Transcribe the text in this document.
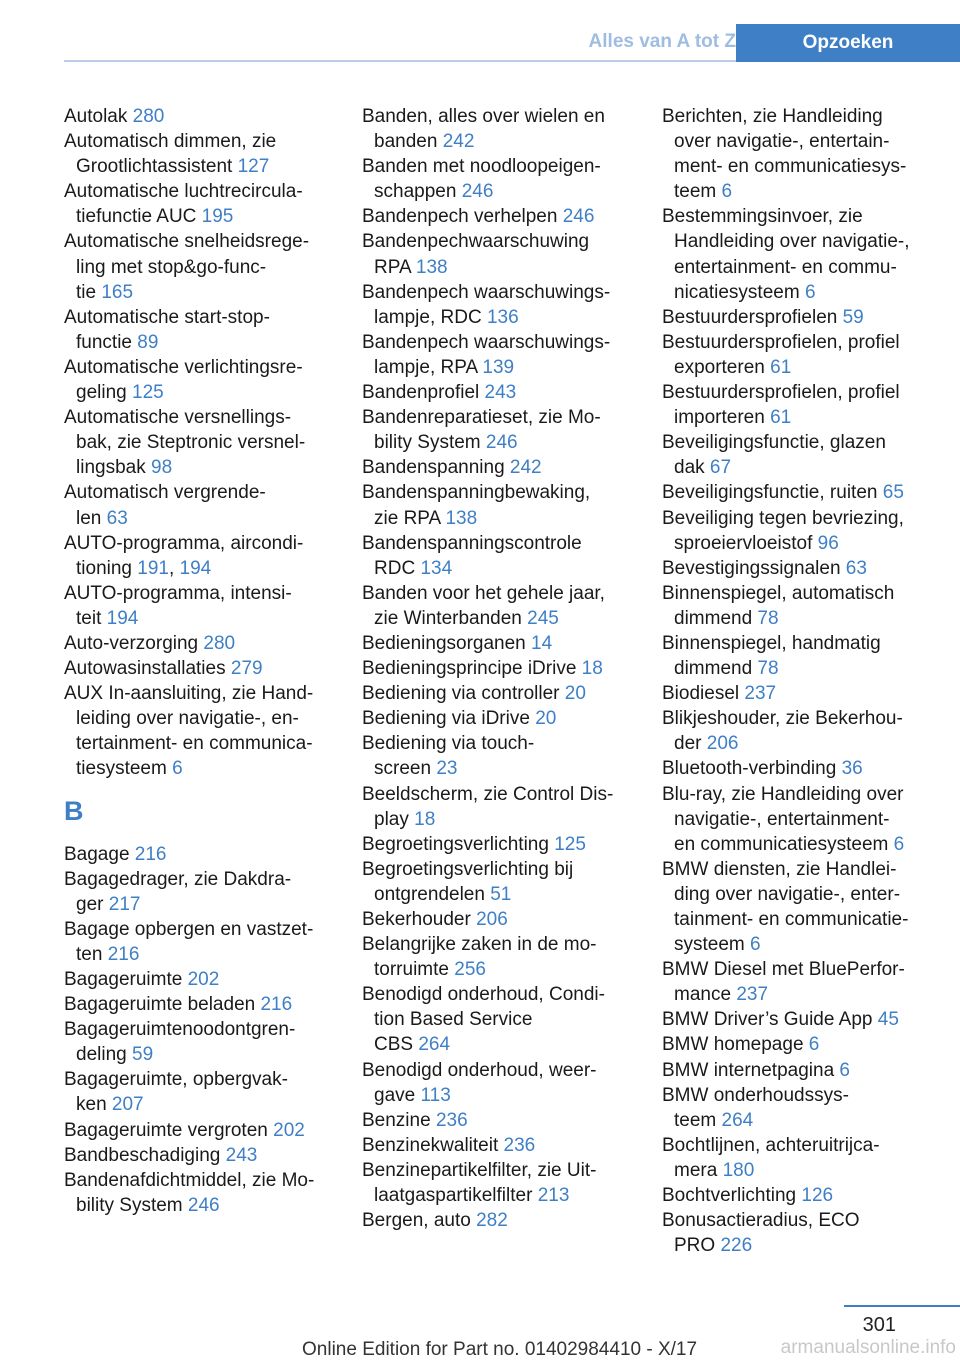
Alles van A tot Z	Opzoeken
Autolak 280
Automatisch dimmen, zie
Grootlichtassistent 127
Automatische luchtrecircula-
tiefunctie AUC 195
Automatische snelheidsrege-
ling met stop&go-func-
tie 165
Automatische start-stop-
functie 89
Automatische verlichtingsre-
geling 125
Automatische versnellings-
bak, zie Steptronic versnel-
lingsbak 98
Automatisch vergrende-
len 63
AUTO-programma, aircondi-
tioning 191, 194
AUTO-programma, intensi-
teit 194
Auto-verzorging 280
Autowasinstallaties 279
AUX In-aansluiting, zie Hand-
leiding over navigatie-, en-
tertainment- en communica-
tiesysteem 6
B
Bagage 216
Bagagedrager, zie Dakdra-
ger 217
Bagage opbergen en vastzet-
ten 216
Bagageruimte 202
Bagageruimte beladen 216
Bagageruimtenoodontgren-
deling 59
Bagageruimte, opbergvak-
ken 207
Bagageruimte vergroten 202
Bandbeschadiging 243
Bandenafdichtmiddel, zie Mo-
bility System 246
Banden, alles over wielen en
banden 242
Banden met noodloopeigen-
schappen 246
Bandenpech verhelpen 246
Bandenpechwaarschuwing
RPA 138
Bandenpech waarschuwings-
lampje, RDC 136
Bandenpech waarschuwings-
lampje, RPA 139
Bandenprofiel 243
Bandenreparatieset, zie Mo-
bility System 246
Bandenspanning 242
Bandenspanningbewaking,
zie RPA 138
Bandenspanningscontrole
RDC 134
Banden voor het gehele jaar,
zie Winterbanden 245
Bedieningsorganen 14
Bedieningsprincipe iDrive 18
Bediening via controller 20
Bediening via iDrive 20
Bediening via touch-
screen 23
Beeldscherm, zie Control Dis-
play 18
Begroetingsverlichting 125
Begroetingsverlichting bij
ontgrendelen 51
Bekerhouder 206
Belangrijke zaken in de mo-
torruimte 256
Benodigd onderhoud, Condi-
tion Based Service
CBS 264
Benodigd onderhoud, weer-
gave 113
Benzine 236
Benzinekwaliteit 236
Benzinepartikelfilter, zie Uit-
laatgaspartikelfilter 213
Bergen, auto 282
Berichten, zie Handleiding
over navigatie-, entertain-
ment- en communicatiesys-
teem 6
Bestemmingsinvoer, zie
Handleiding over navigatie-,
entertainment- en commu-
nicatiesysteem 6
Bestuurdersprofielen 59
Bestuurdersprofielen, profiel
exporteren 61
Bestuurdersprofielen, profiel
importeren 61
Beveiligingsfunctie, glazen
dak 67
Beveiligingsfunctie, ruiten 65
Beveiliging tegen bevriezing,
sproeiervloeistof 96
Bevestigingssignalen 63
Binnenspiegel, automatisch
dimmend 78
Binnenspiegel, handmatig
dimmend 78
Biodiesel 237
Blikjeshouder, zie Bekerhou-
der 206
Bluetooth-verbinding 36
Blu-ray, zie Handleiding over
navigatie-, entertainment-
en communicatiesysteem 6
BMW diensten, zie Handlei-
ding over navigatie-, enter-
tainment- en communicatie-
systeem 6
BMW Diesel met BluePerfor-
mance 237
BMW Driver’s Guide App 45
BMW homepage 6
BMW internetpagina 6
BMW onderhoudssys-
teem 264
Bochtlijnen, achteruitrijca-
mera 180
Bochtverlichting 126
Bonusactieradius, ECO
PRO 226
301
Online Edition for Part no. 01402984410 - X/17	armanualsonline.info
